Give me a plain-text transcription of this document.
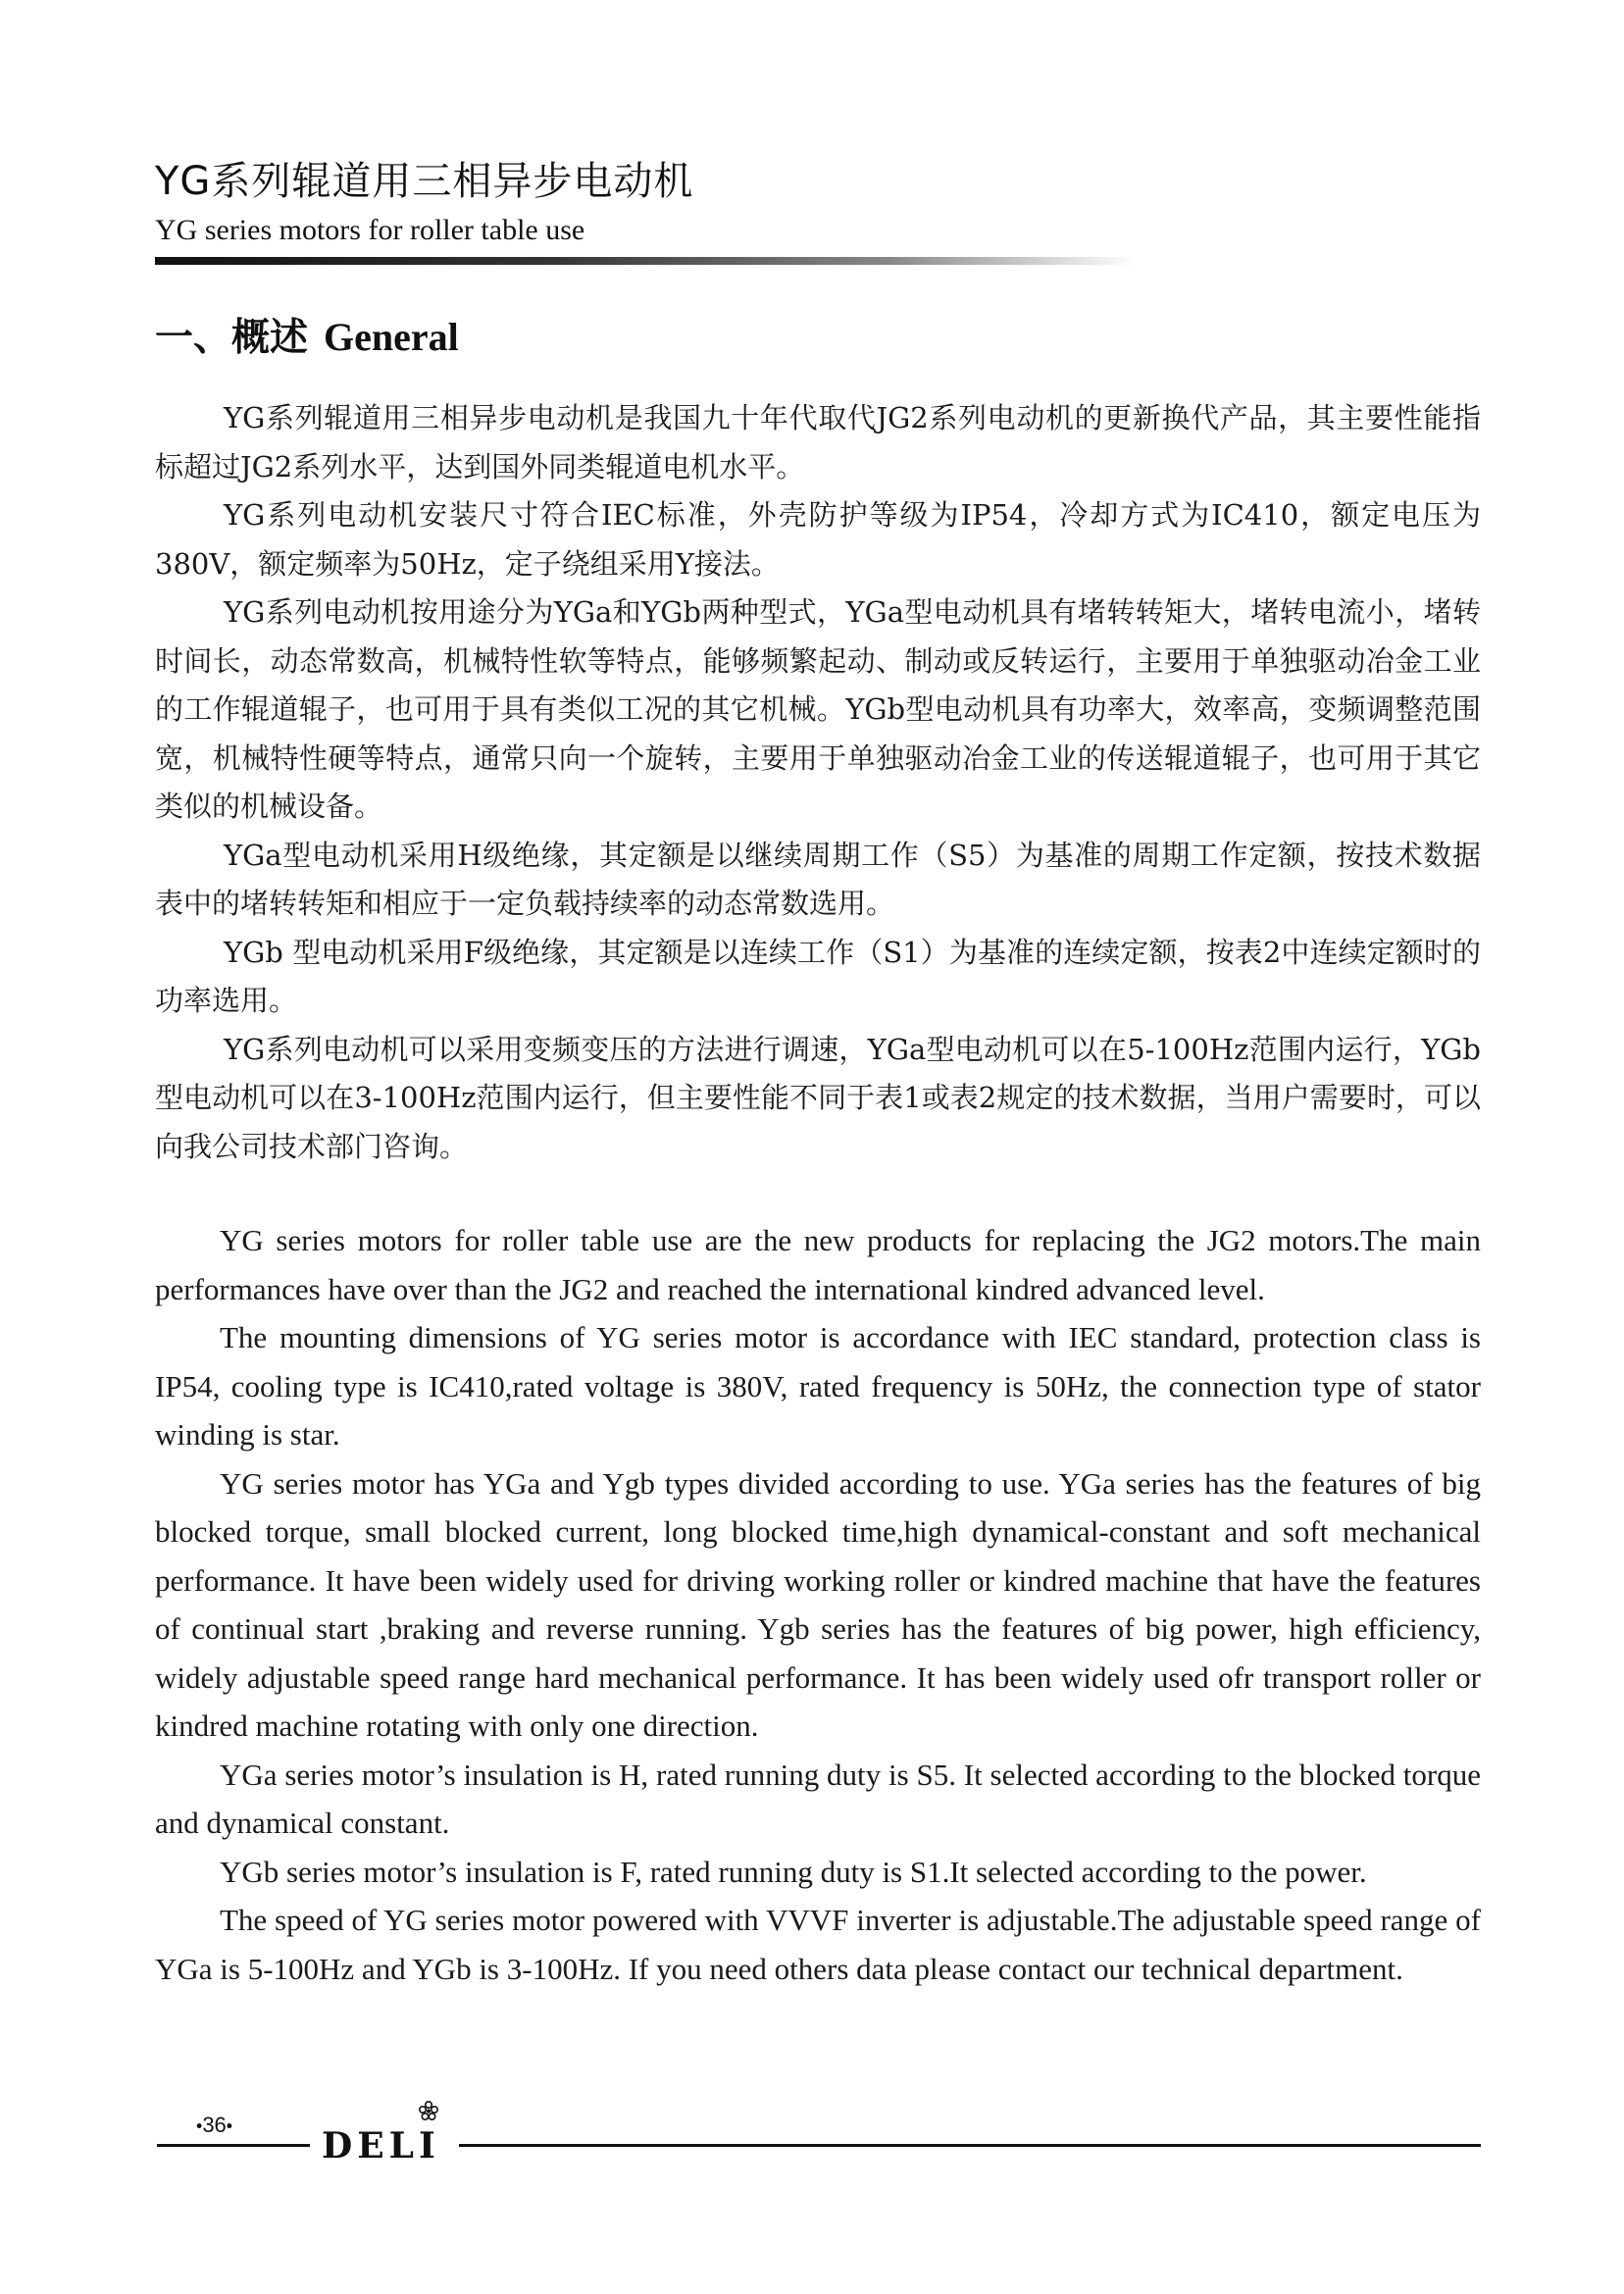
YG系列辊道用三相异步电动机
YG series motors for roller table use
一、概述 General

YG系列辊道用三相异步电动机是我国九十年代取代JG2系列电动机的更新换代产品，其主要性能指标超过JG2系列水平，达到国外同类辊道电机水平。

YG系列电动机安装尺寸符合IEC标准，外壳防护等级为IP54，冷却方式为IC410，额定电压为380V，额定频率为50Hz，定子绕组采用Y接法。

YG系列电动机按用途分为YGa和YGb两种型式，YGa型电动机具有堵转转矩大，堵转电流小，堵转时间长，动态常数高，机械特性软等特点，能够频繁起动、制动或反转运行，主要用于单独驱动冶金工业的工作辊道辊子，也可用于具有类似工况的其它机械。YGb型电动机具有功率大，效率高，变频调整范围宽，机械特性硬等特点，通常只向一个旋转，主要用于单独驱动冶金工业的传送辊道辊子，也可用于其它类似的机械设备。

YGa型电动机采用H级绝缘，其定额是以继续周期工作（S5）为基准的周期工作定额，按技术数据表中的堵转转矩和相应于一定负载持续率的动态常数选用。

YGb 型电动机采用F级绝缘，其定额是以连续工作（S1）为基准的连续定额，按表2中连续定额时的功率选用。

YG系列电动机可以采用变频变压的方法进行调速，YGa型电动机可以在5-100Hz范围内运行，YGb型电动机可以在3-100Hz范围内运行，但主要性能不同于表1或表2规定的技术数据，当用户需要时，可以向我公司技术部门咨询。

YG series motors for roller table use are the new products for replacing the JG2 motors.The main performances have over than the JG2 and reached the international kindred advanced level.

The mounting dimensions of YG series motor is accordance with IEC standard, protection class is IP54, cooling type is IC410,rated voltage is 380V, rated frequency is 50Hz, the connection type of stator winding is star.

YG series motor has YGa and Ygb types divided according to use. YGa series has the features of big blocked torque, small blocked current, long blocked time,high dynamical-constant and soft mechanical performance. It have been widely used for driving working roller or kindred machine that have the features of continual start ,braking and reverse running. Ygb series has the features of big power, high efficiency, widely adjustable speed range hard mechanical performance. It has been widely used ofr transport roller or kindred machine rotating with only one direction.

YGa series motor’s insulation is H, rated running duty is S5. It selected according to the blocked torque and dynamical constant.

YGb series motor’s insulation is F, rated running duty is S1.It selected according to the power.

The speed of YG series motor powered with VVVF inverter is adjustable.The adjustable speed range of YGa is 5-100Hz and YGb is 3-100Hz. If you need others data please contact our technical department.

•36•	DELI
